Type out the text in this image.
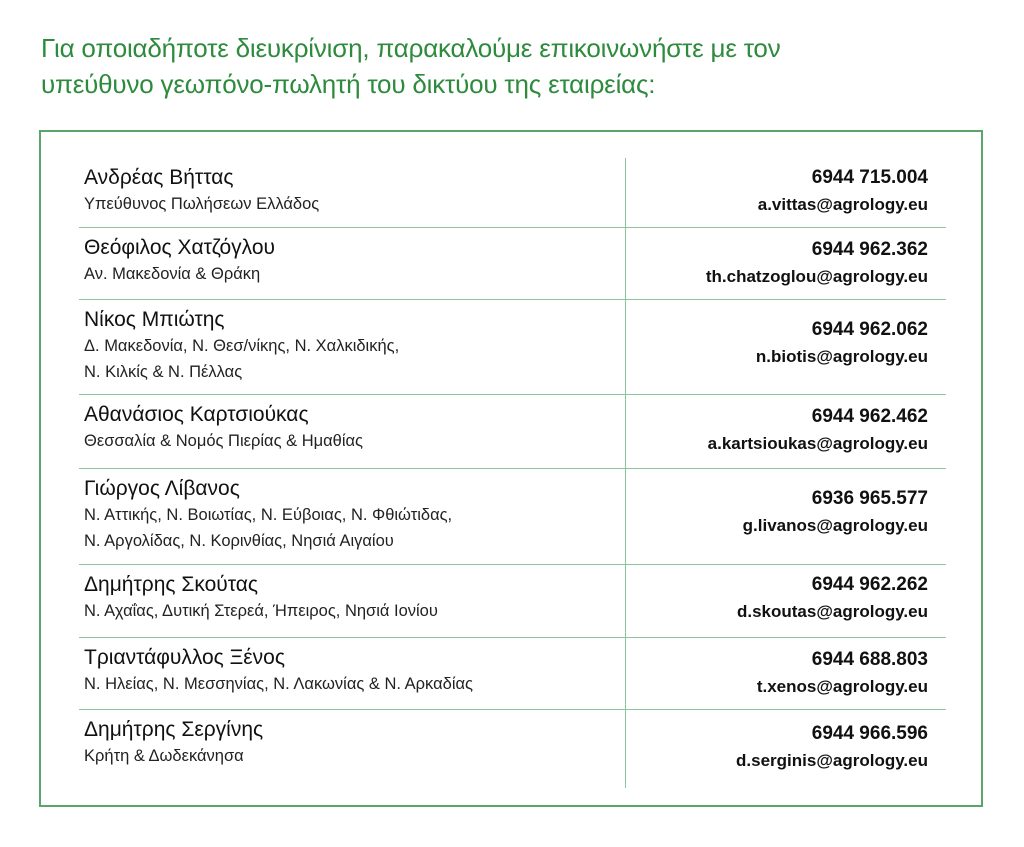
Για οποιαδήποτε διευκρίνιση, παρακαλούμε επικοινωνήστε με τον
υπεύθυνο γεωπόνο-πωλητή του δικτύου της εταιρείας:
Ανδρέας Βήττας
Υπεύθυνος Πωλήσεων Ελλάδος
6944 715.004
a.vittas@agrology.eu
Θεόφιλος Χατζόγλου
Αν. Μακεδονία & Θράκη
6944 962.362
th.chatzoglou@agrology.eu
Νίκος Μπιώτης
Δ. Μακεδονία, Ν. Θεσ/νίκης, Ν. Χαλκιδικής,
Ν. Κιλκίς & Ν. Πέλλας
6944 962.062
n.biotis@agrology.eu
Αθανάσιος Καρτσιούκας
Θεσσαλία & Νομός Πιερίας & Ημαθίας
6944 962.462
a.kartsioukas@agrology.eu
Γιώργος Λίβανος
Ν. Αττικής, Ν. Βοιωτίας, Ν. Εύβοιας, Ν. Φθιώτιδας,
Ν. Αργολίδας, Ν. Κορινθίας, Νησιά Αιγαίου
6936 965.577
g.livanos@agrology.eu
Δημήτρης Σκούτας
Ν. Αχαΐας, Δυτική Στερεά, Ήπειρος, Νησιά Ιονίου
6944 962.262
d.skoutas@agrology.eu
Τριαντάφυλλος Ξένος
Ν. Ηλείας, Ν. Μεσσηνίας, Ν. Λακωνίας & Ν. Αρκαδίας
6944 688.803
t.xenos@agrology.eu
Δημήτρης Σεργίνης
Κρήτη & Δωδεκάνησα
6944 966.596
d.serginis@agrology.eu
